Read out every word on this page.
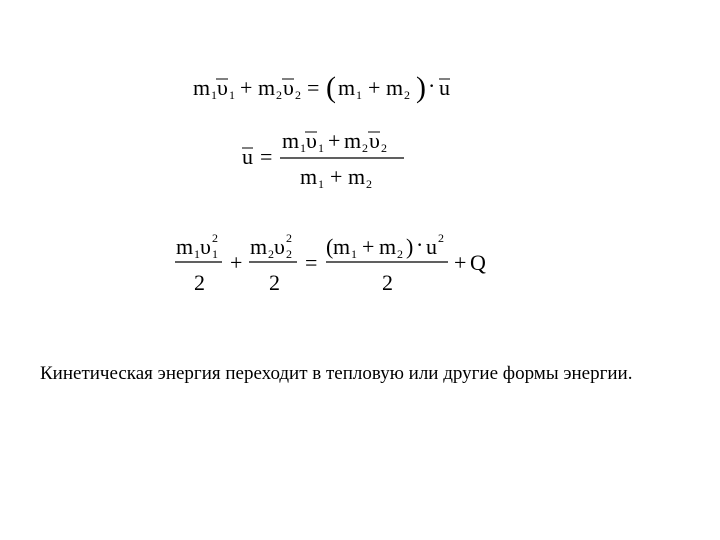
m 1 υ 1 + m 2 υ 2 = ( m 1 + m 2 ) · u
u =
m 1 υ 1 + m 2 υ 2
m 1 + m 2
m 1 υ 2
1
2
+
m 2 υ 2
2
2
=
( m 1 + m 2 ) · u 2
2
+ Q
Кинетическая энергия переходит в тепловую или другие формы энергии.
